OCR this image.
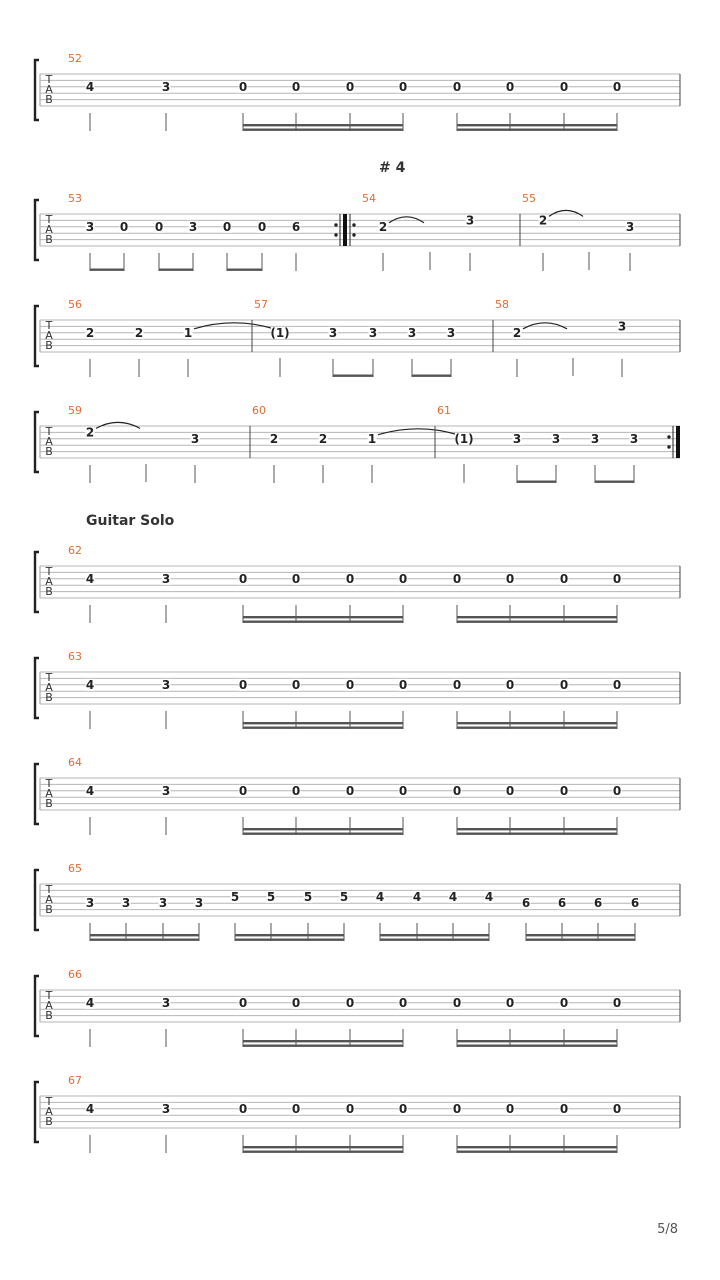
# 4
Guitar Solo
T
A
B
52
4	3	0	0	0	0	0	0	0	0
T
A
B
53
3 0 0 3 0 0 6
54
2	3
55
2	3
T
A
B
56
2	2	1
57
(1)	3	3	3	3
58
2	3
T
A
B
59
2	3
60
2	2	1
61
(1)	3	3	3	3
T
A
B
62
4	3	0	0	0	0	0	0	0	0
T
A
B
63
4	3	0	0	0	0	0	0	0	0
T
A
B
64
4	3	0	0	0	0	0	0	0	0
T
A
B
65
3 3 3 3 5 5 5 5 4 4 4 4 6 6 6 6
T
A
B
66
4	3	0	0	0	0	0	0	0	0
T
A
B
67
4	3	0	0	0	0	0	0	0	0
5/8
